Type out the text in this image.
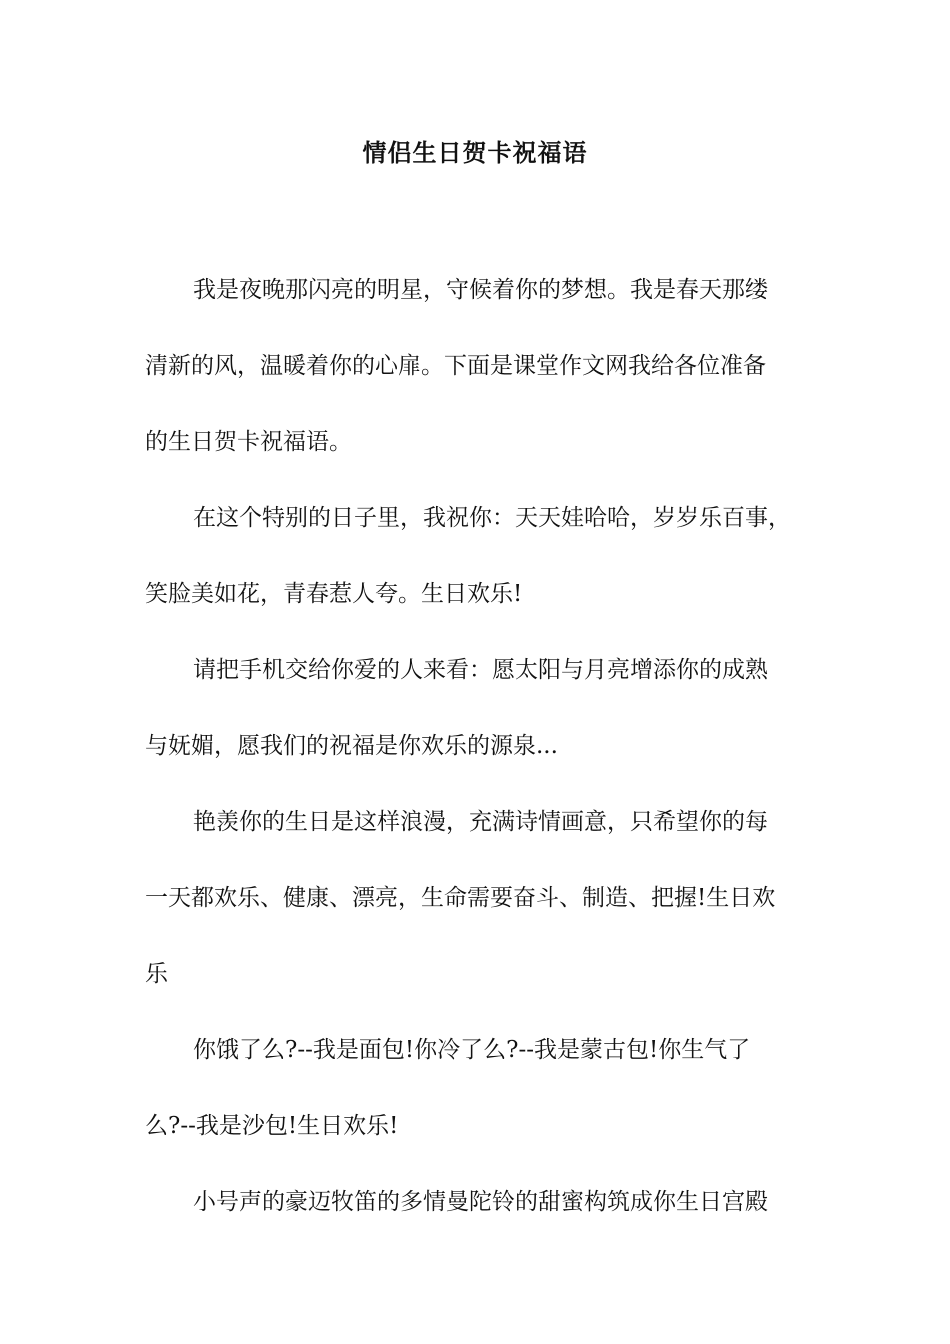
情侣生日贺卡祝福语
我是夜晚那闪亮的明星，守候着你的梦想。我是春天那缕
清新的风，温暖着你的心扉。下面是课堂作文网我给各位准备
的生日贺卡祝福语。
在这个特别的日子里，我祝你：天天娃哈哈，岁岁乐百事，
笑脸美如花，青春惹人夸。生日欢乐!
请把手机交给你爱的人来看：愿太阳与月亮增添你的成熟
与妩媚，愿我们的祝福是你欢乐的源泉...
艳羡你的生日是这样浪漫，充满诗情画意，只希望你的每
一天都欢乐、健康、漂亮，生命需要奋斗、制造、把握!生日欢
乐
你饿了么?--我是面包!你冷了么?--我是蒙古包!你生气了
么?--我是沙包!生日欢乐!
小号声的豪迈牧笛的多情曼陀铃的甜蜜构筑成你生日宫殿
